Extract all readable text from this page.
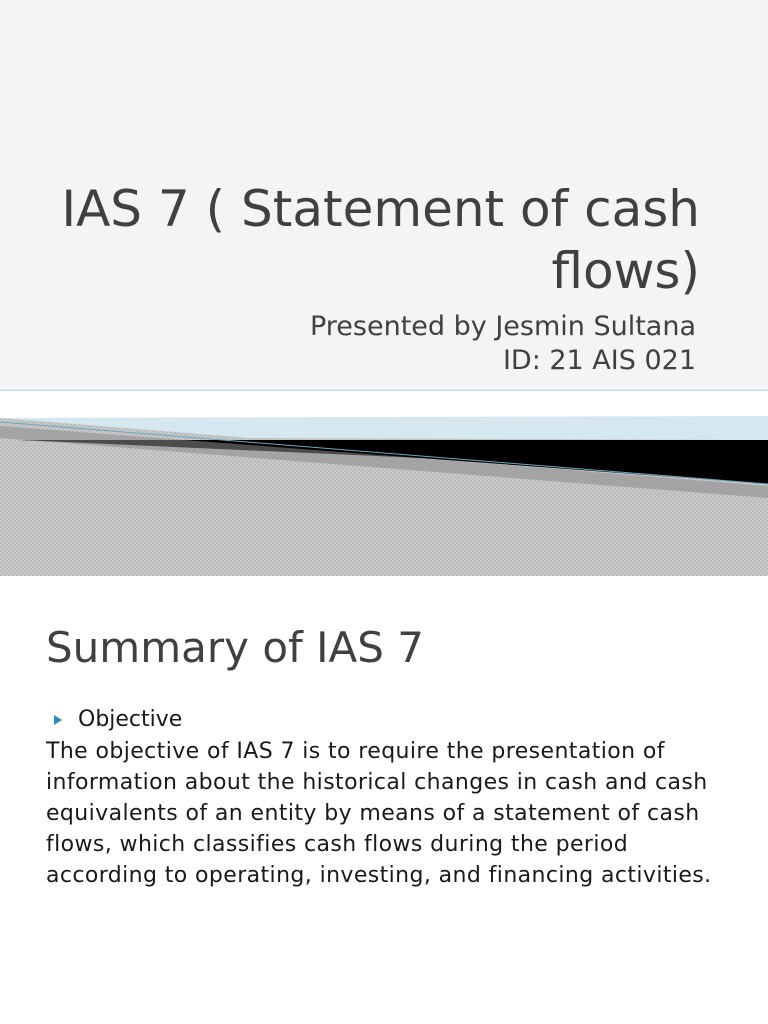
IAS 7 ( Statement of cash
flows)
Presented by Jesmin Sultana
ID: 21 AIS 021
Summary of IAS 7
Objective

The objective of IAS 7 is to require the presentation of information about the historical changes in cash and cash equivalents of an entity by means of a statement of cash flows, which classifies cash flows during the period according to operating, investing, and financing activities.
